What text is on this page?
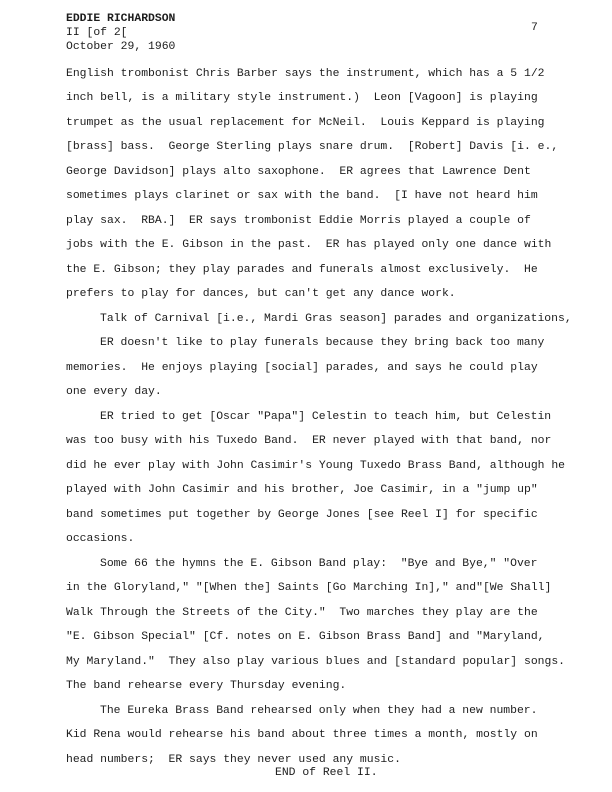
EDDIE RICHARDSON
II [of 2[
October 29, 1960
7
English trombonist Chris Barber says the instrument, which has a 5 1/2
inch bell, is a military style instrument.)  Leon [Vagoon] is playing
trumpet as the usual replacement for McNeil.  Louis Keppard is playing
[brass] bass.  George Sterling plays snare drum.  [Robert] Davis [i. e.,
George Davidson] plays alto saxophone.  ER agrees that Lawrence Dent
sometimes plays clarinet or sax with the band.  [I have not heard him
play sax.  RBA.]  ER says trombonist Eddie Morris played a couple of
jobs with the E. Gibson in the past.  ER has played only one dance with
the E. Gibson; they play parades and funerals almost exclusively.  He
prefers to play for dances, but can't get any dance work.
Talk of Carnival [i.e., Mardi Gras season] parades and organizations,
ER doesn't like to play funerals because they bring back too many
memories.  He enjoys playing [social] parades, and says he could play
one every day.
ER tried to get [Oscar "Papa"] Celestin to teach him, but Celestin
was too busy with his Tuxedo Band.  ER never played with that band, nor
did he ever play with John Casimir's Young Tuxedo Brass Band, although he
played with John Casimir and his brother, Joe Casimir, in a "jump up"
band sometimes put together by George Jones [see Reel I] for specific
occasions.
Some 66 the hymns the E. Gibson Band play:  "Bye and Bye," "Over
in the Gloryland," "[When the] Saints [Go Marching In]," and"[We Shall]
Walk Through the Streets of the City."  Two marches they play are the
"E. Gibson Special" [Cf. notes on E. Gibson Brass Band] and "Maryland,
My Maryland."  They also play various blues and [standard popular] songs.
The band rehearse every Thursday evening.
The Eureka Brass Band rehearsed only when they had a new number.
Kid Rena would rehearse his band about three times a month, mostly on
head numbers;  ER says they never used any music.
END of Reel II.
